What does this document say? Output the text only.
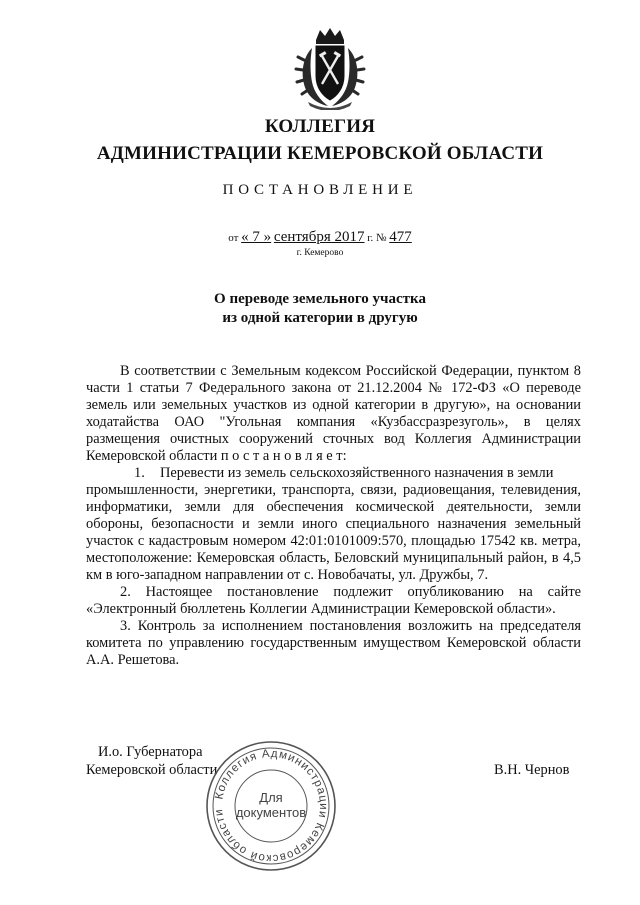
КОЛЛЕГИЯ
АДМИНИСТРАЦИИ КЕМЕРОВСКОЙ ОБЛАСТИ
ПОСТАНОВЛЕНИЕ
от « 7 » сентября 2017 г. № 477
г. Кемерово
О переводе земельного участка
из одной категории в другую

В соответствии с Земельным кодексом Российской Федерации, пунктом 8 части 1 статьи 7 Федерального закона от 21.12.2004 № 172-ФЗ «О переводе земель или земельных участков из одной категории в другую», на основании ходатайства ОАО "Угольная компания «Кузбассразрезуголь», в целях размещения очистных сооружений сточных вод Коллегия Администрации Кемеровской области п о с т а н о в л я е т:

1.	Перевести из земель сельскохозяйственного назначения в земли

промышленности, энергетики, транспорта, связи, радиовещания, телевидения, информатики, земли для обеспечения космической деятельности, земли обороны, безопасности и земли иного специального назначения земельный участок с кадастровым номером 42:01:0101009:570, площадью 17542 кв. метра, местоположение: Кемеровская область, Беловский муниципальный район, в 4,5 км в юго-западном направлении от с. Новобачаты, ул. Дружбы, 7.

2. Настоящее постановление подлежит опубликованию на сайте «Электронный бюллетень Коллегии Администрации Кемеровской области».

3. Контроль за исполнением постановления возложить на председателя комитета по управлению государственным имуществом Кемеровской области А.А. Решетова.

И.о. Губернатора
Кемеровской области	В.Н. Чернов
Коллегия Администрации Кемеровской области
Для
документов
